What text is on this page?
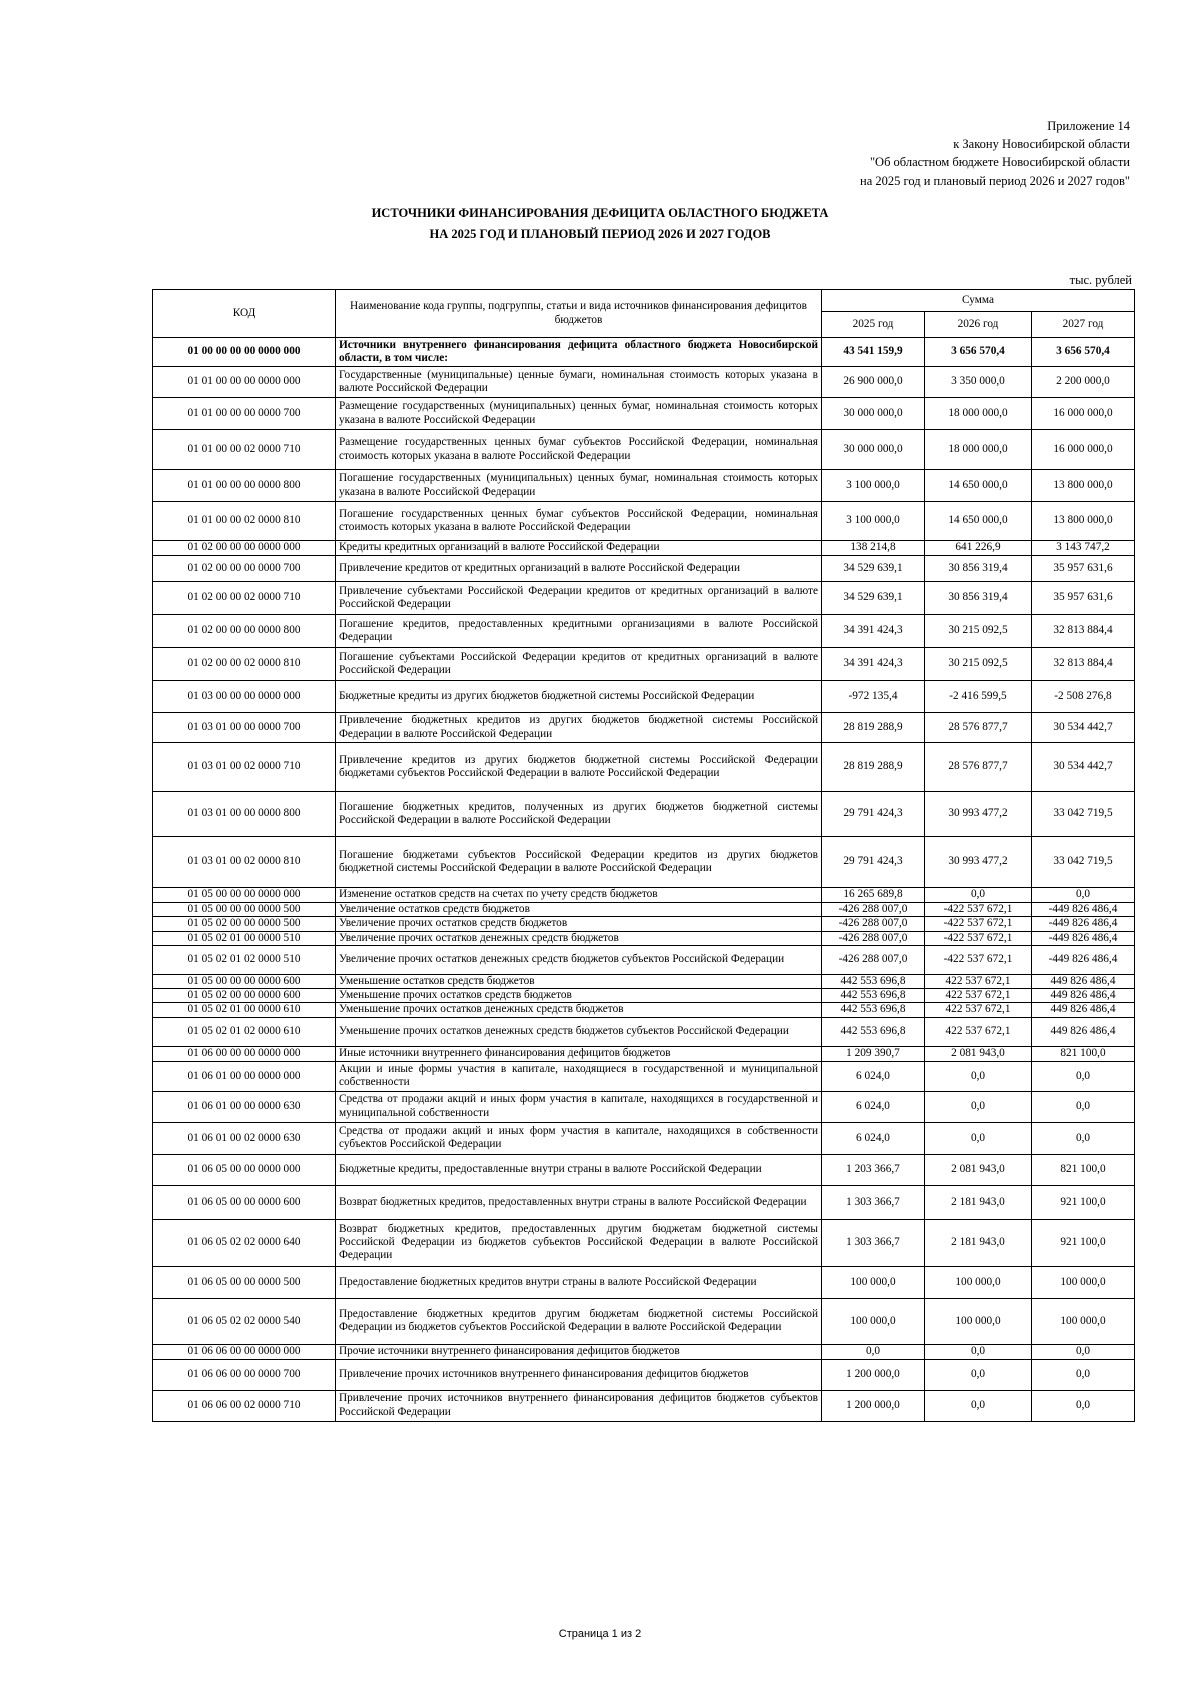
Приложение 14
к Закону Новосибирской области
"Об областном бюджете Новосибирской области
на 2025 год и плановый период 2026 и 2027 годов"
ИСТОЧНИКИ ФИНАНСИРОВАНИЯ ДЕФИЦИТА ОБЛАСТНОГО БЮДЖЕТА
НА 2025 ГОД И ПЛАНОВЫЙ ПЕРИОД 2026 И 2027 ГОДОВ
тыс. рублей
КОД	Наименование кода группы, подгруппы, статьи и вида источников финансирования дефицитов бюджетов	Сумма		
		2025 год	2026 год	2027 год
01 00 00 00 00 0000 000	Источники внутреннего финансирования дефицита областного бюджета Новосибирской области, в том числе:	43 541 159,9	3 656 570,4	3 656 570,4
01 01 00 00 00 0000 000	Государственные (муниципальные) ценные бумаги, номинальная стоимость которых указана в валюте Российской Федерации	26 900 000,0	3 350 000,0	2 200 000,0
01 01 00 00 00 0000 700	Размещение государственных (муниципальных) ценных бумаг, номинальная стоимость которых указана в валюте Российской Федерации	30 000 000,0	18 000 000,0	16 000 000,0
01 01 00 00 02 0000 710	Размещение государственных ценных бумаг субъектов Российской Федерации, номинальная стоимость которых указана в валюте Российской Федерации	30 000 000,0	18 000 000,0	16 000 000,0
01 01 00 00 00 0000 800	Погашение государственных (муниципальных) ценных бумаг, номинальная стоимость которых указана в валюте Российской Федерации	3 100 000,0	14 650 000,0	13 800 000,0
01 01 00 00 02 0000 810	Погашение государственных ценных бумаг субъектов Российской Федерации, номинальная стоимость которых указана в валюте Российской Федерации	3 100 000,0	14 650 000,0	13 800 000,0
01 02 00 00 00 0000 000	Кредиты кредитных организаций в валюте Российской Федерации	138 214,8	641 226,9	3 143 747,2
01 02 00 00 00 0000 700	Привлечение кредитов от кредитных организаций в валюте Российской Федерации	34 529 639,1	30 856 319,4	35 957 631,6
01 02 00 00 02 0000 710	Привлечение субъектами Российской Федерации кредитов от кредитных организаций в валюте Российской Федерации	34 529 639,1	30 856 319,4	35 957 631,6
01 02 00 00 00 0000 800	Погашение кредитов, предоставленных кредитными организациями в валюте Российской Федерации	34 391 424,3	30 215 092,5	32 813 884,4
01 02 00 00 02 0000 810	Погашение субъектами Российской Федерации кредитов от кредитных организаций в валюте Российской Федерации	34 391 424,3	30 215 092,5	32 813 884,4
01 03 00 00 00 0000 000	Бюджетные кредиты из других бюджетов бюджетной системы Российской Федерации	-972 135,4	-2 416 599,5	-2 508 276,8
01 03 01 00 00 0000 700	Привлечение бюджетных кредитов из других бюджетов бюджетной системы Российской Федерации в валюте Российской Федерации	28 819 288,9	28 576 877,7	30 534 442,7
01 03 01 00 02 0000 710	Привлечение кредитов из других бюджетов бюджетной системы Российской Федерации бюджетами субъектов Российской Федерации в валюте Российской Федерации	28 819 288,9	28 576 877,7	30 534 442,7
01 03 01 00 00 0000 800	Погашение бюджетных кредитов, полученных из других бюджетов бюджетной системы Российской Федерации в валюте Российской Федерации	29 791 424,3	30 993 477,2	33 042 719,5
01 03 01 00 02 0000 810	Погашение бюджетами субъектов Российской Федерации кредитов из других бюджетов бюджетной системы Российской Федерации в валюте Российской Федерации	29 791 424,3	30 993 477,2	33 042 719,5
01 05 00 00 00 0000 000	Изменение остатков средств на счетах по учету средств бюджетов	16 265 689,8	0,0	0,0
01 05 00 00 00 0000 500	Увеличение остатков средств бюджетов	-426 288 007,0	-422 537 672,1	-449 826 486,4
01 05 02 00 00 0000 500	Увеличение прочих остатков средств бюджетов	-426 288 007,0	-422 537 672,1	-449 826 486,4
01 05 02 01 00 0000 510	Увеличение прочих остатков денежных средств бюджетов	-426 288 007,0	-422 537 672,1	-449 826 486,4
01 05 02 01 02 0000 510	Увеличение прочих остатков денежных средств бюджетов субъектов Российской Федерации	-426 288 007,0	-422 537 672,1	-449 826 486,4
01 05 00 00 00 0000 600	Уменьшение остатков средств бюджетов	442 553 696,8	422 537 672,1	449 826 486,4
01 05 02 00 00 0000 600	Уменьшение прочих остатков средств бюджетов	442 553 696,8	422 537 672,1	449 826 486,4
01 05 02 01 00 0000 610	Уменьшение прочих остатков денежных средств бюджетов	442 553 696,8	422 537 672,1	449 826 486,4
01 05 02 01 02 0000 610	Уменьшение прочих остатков денежных средств бюджетов субъектов Российской Федерации	442 553 696,8	422 537 672,1	449 826 486,4
01 06 00 00 00 0000 000	Иные источники внутреннего финансирования дефицитов бюджетов	1 209 390,7	2 081 943,0	821 100,0
01 06 01 00 00 0000 000	Акции и иные формы участия в капитале, находящиеся в государственной и муниципальной собственности	6 024,0	0,0	0,0
01 06 01 00 00 0000 630	Средства от продажи акций и иных форм участия в капитале, находящихся в государственной и муниципальной собственности	6 024,0	0,0	0,0
01 06 01 00 02 0000 630	Средства от продажи акций и иных форм участия в капитале, находящихся в собственности субъектов Российской Федерации	6 024,0	0,0	0,0
01 06 05 00 00 0000 000	Бюджетные кредиты, предоставленные внутри страны в валюте Российской Федерации	1 203 366,7	2 081 943,0	821 100,0
01 06 05 00 00 0000 600	Возврат бюджетных кредитов, предоставленных внутри страны в валюте Российской Федерации	1 303 366,7	2 181 943,0	921 100,0
01 06 05 02 02 0000 640	Возврат бюджетных кредитов, предоставленных другим бюджетам бюджетной системы Российской Федерации из бюджетов субъектов Российской Федерации в валюте Российской Федерации	1 303 366,7	2 181 943,0	921 100,0
01 06 05 00 00 0000 500	Предоставление бюджетных кредитов внутри страны в валюте Российской Федерации	100 000,0	100 000,0	100 000,0
01 06 05 02 02 0000 540	Предоставление бюджетных кредитов другим бюджетам бюджетной системы Российской Федерации из бюджетов субъектов Российской Федерации в валюте Российской Федерации	100 000,0	100 000,0	100 000,0
01 06 06 00 00 0000 000	Прочие источники внутреннего финансирования дефицитов бюджетов	0,0	0,0	0,0
01 06 06 00 00 0000 700	Привлечение прочих источников внутреннего финансирования дефицитов бюджетов	1 200 000,0	0,0	0,0
01 06 06 00 02 0000 710	Привлечение прочих источников внутреннего финансирования дефицитов бюджетов субъектов Российской Федерации	1 200 000,0	0,0	0,0
Страница 1 из 2
